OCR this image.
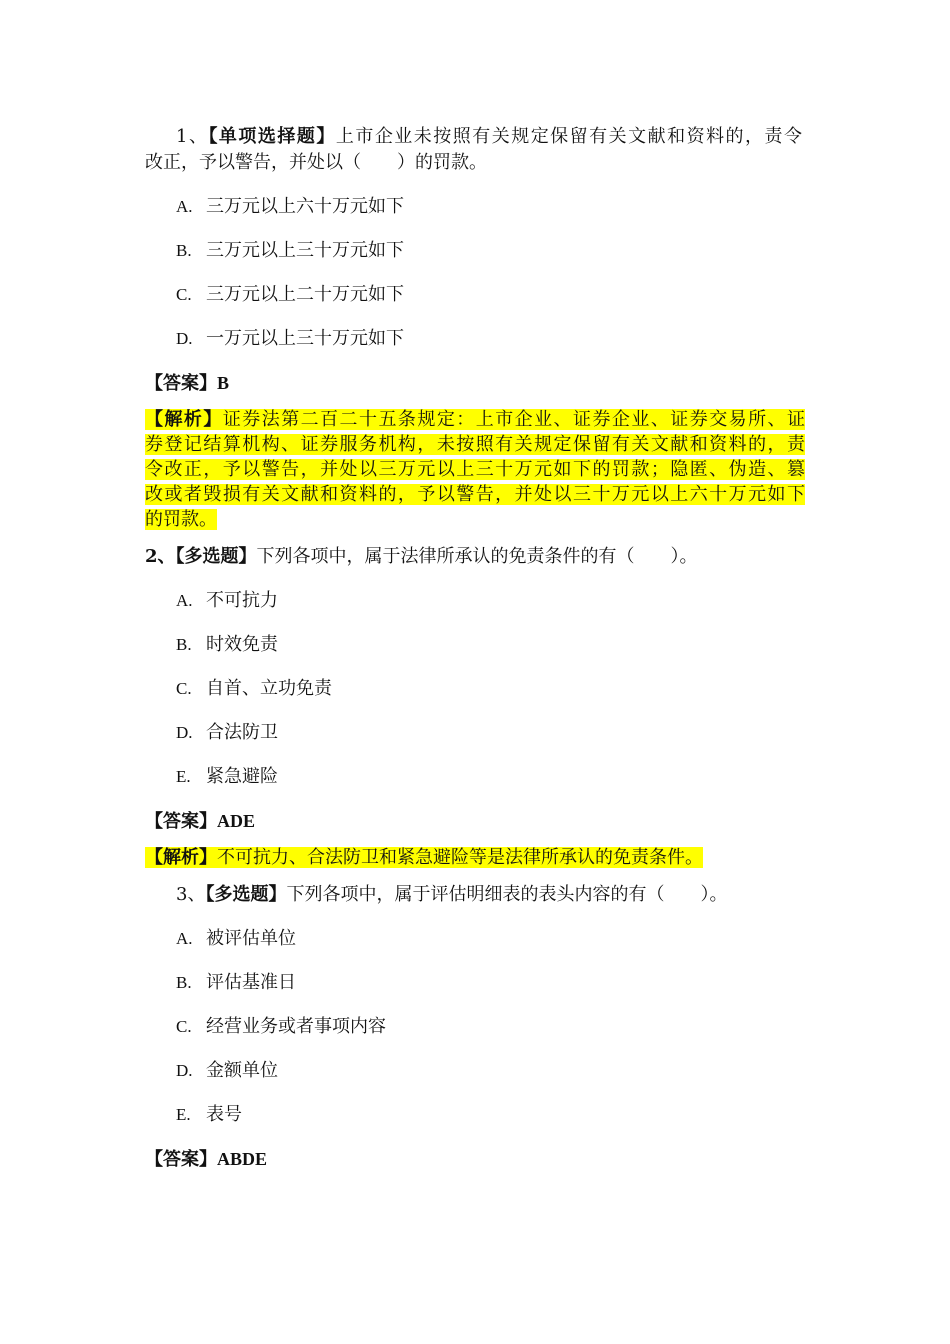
1、【单项选择题】上市企业未按照有关规定保留有关文献和资料的，责令
改正，予以警告，并处以（　　）的罚款。
A. 三万元以上六十万元如下
B. 三万元以上三十万元如下
C. 三万元以上二十万元如下
D. 一万元以上三十万元如下
【答案】B
【解析】证券法第二百二十五条规定：上市企业、证券企业、证券交易所、证
券登记结算机构、证券服务机构，未按照有关规定保留有关文献和资料的，责
令改正，予以警告，并处以三万元以上三十万元如下的罚款；隐匿、伪造、篡
改或者毁损有关文献和资料的，予以警告，并处以三十万元以上六十万元如下
的罚款。
2、【多选题】下列各项中，属于法律所承认的免责条件的有（　　）。
A. 不可抗力
B. 时效免责
C. 自首、立功免责
D. 合法防卫
E. 紧急避险
【答案】ADE
【解析】不可抗力、合法防卫和紧急避险等是法律所承认的免责条件。
3、【多选题】下列各项中，属于评估明细表的表头内容的有（　　）。
A. 被评估单位
B. 评估基准日
C. 经营业务或者事项内容
D. 金额单位
E. 表号
【答案】ABDE
